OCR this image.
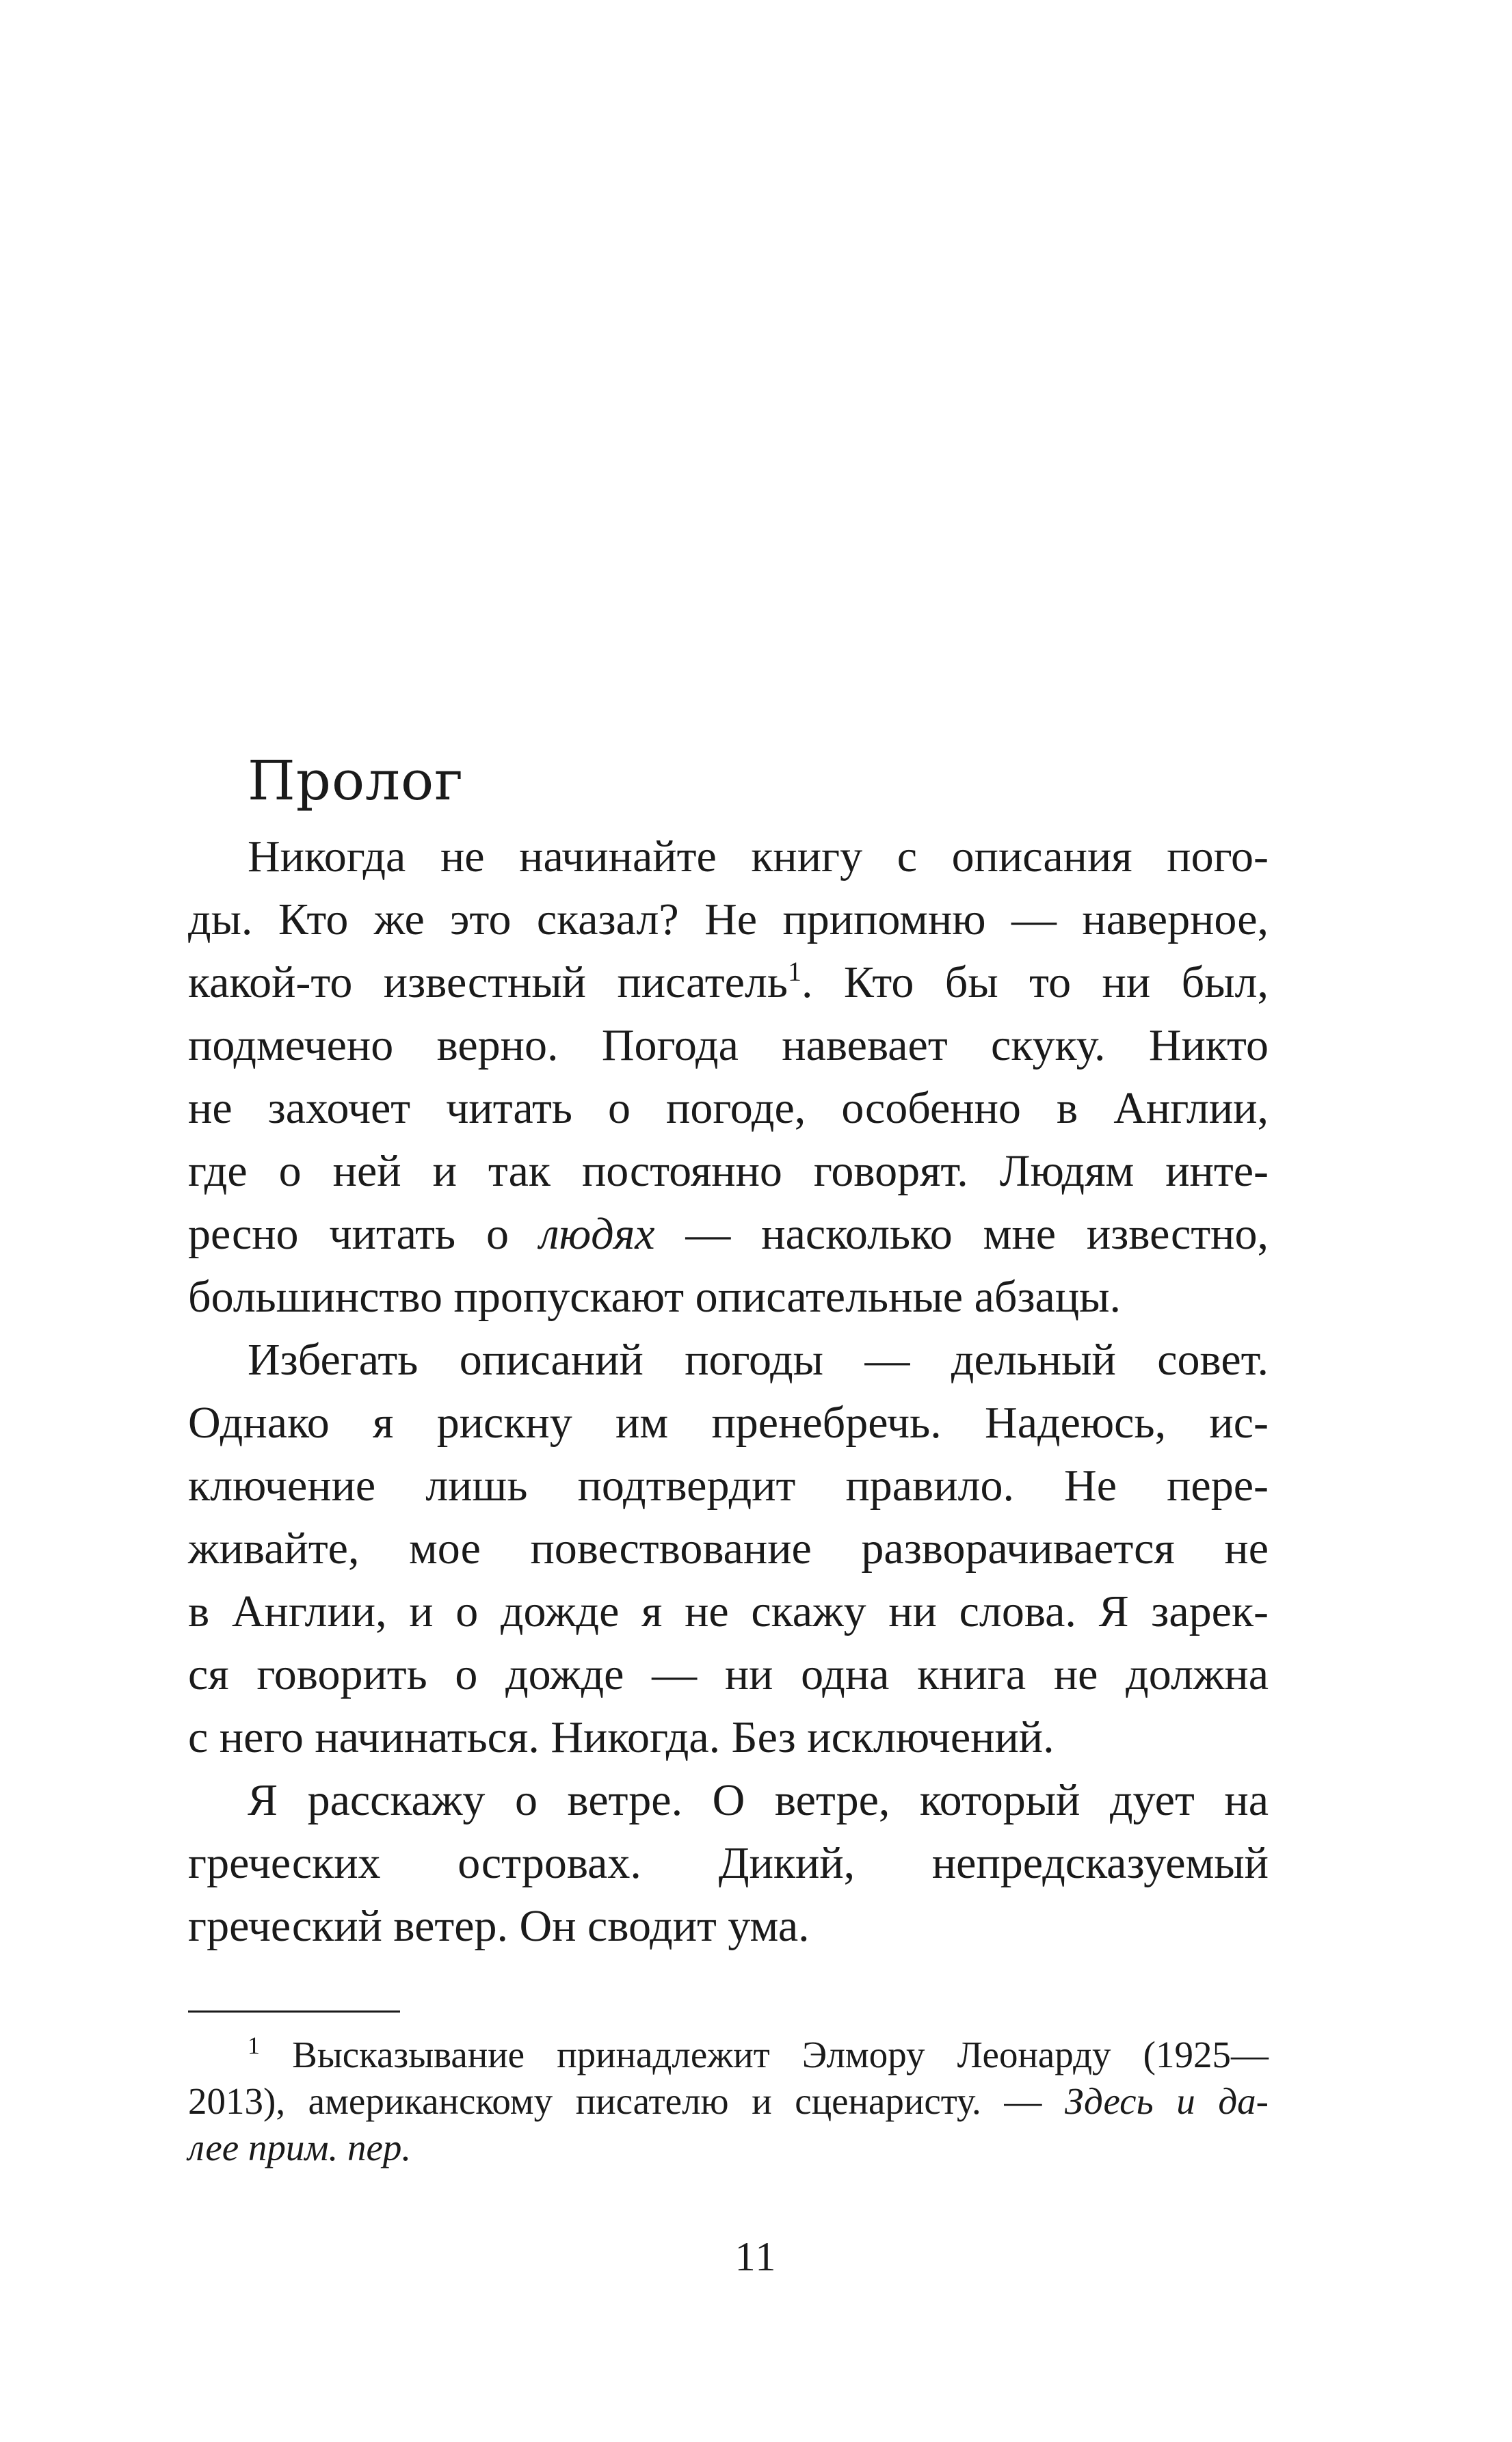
Пролог
Никогда не начинайте книгу с описания пого-
ды. Кто же это сказал? Не припомню — наверное,
какой-то известный писатель$^1$. Кто бы то ни был,
подмечено верно. Погода навевает скуку. Никто
не захочет читать о погоде, особенно в Англии,
где о ней и так постоянно говорят. Людям инте-
ресно читать о людях — насколько мне известно,
большинство пропускают описательные абзацы.
Избегать описаний погоды — дельный совет.
Однако я рискну им пренебречь. Надеюсь, ис-
ключение лишь подтвердит правило. Не пере-
живайте, мое повествование разворачивается не
в Англии, и о дожде я не скажу ни слова. Я зарек-
ся говорить о дожде — ни одна книга не должна
с него начинаться. Никогда. Без исключений.
Я расскажу о ветре. О ветре, который дует на
греческих островах. Дикий, непредсказуемый
греческий ветер. Он сводит ума.
$^1$ Высказывание принадлежит Элмору Леонарду (1925—
2013), американскому писателю и сценаристу. — Здесь и да-
лее прим. пер.
11
